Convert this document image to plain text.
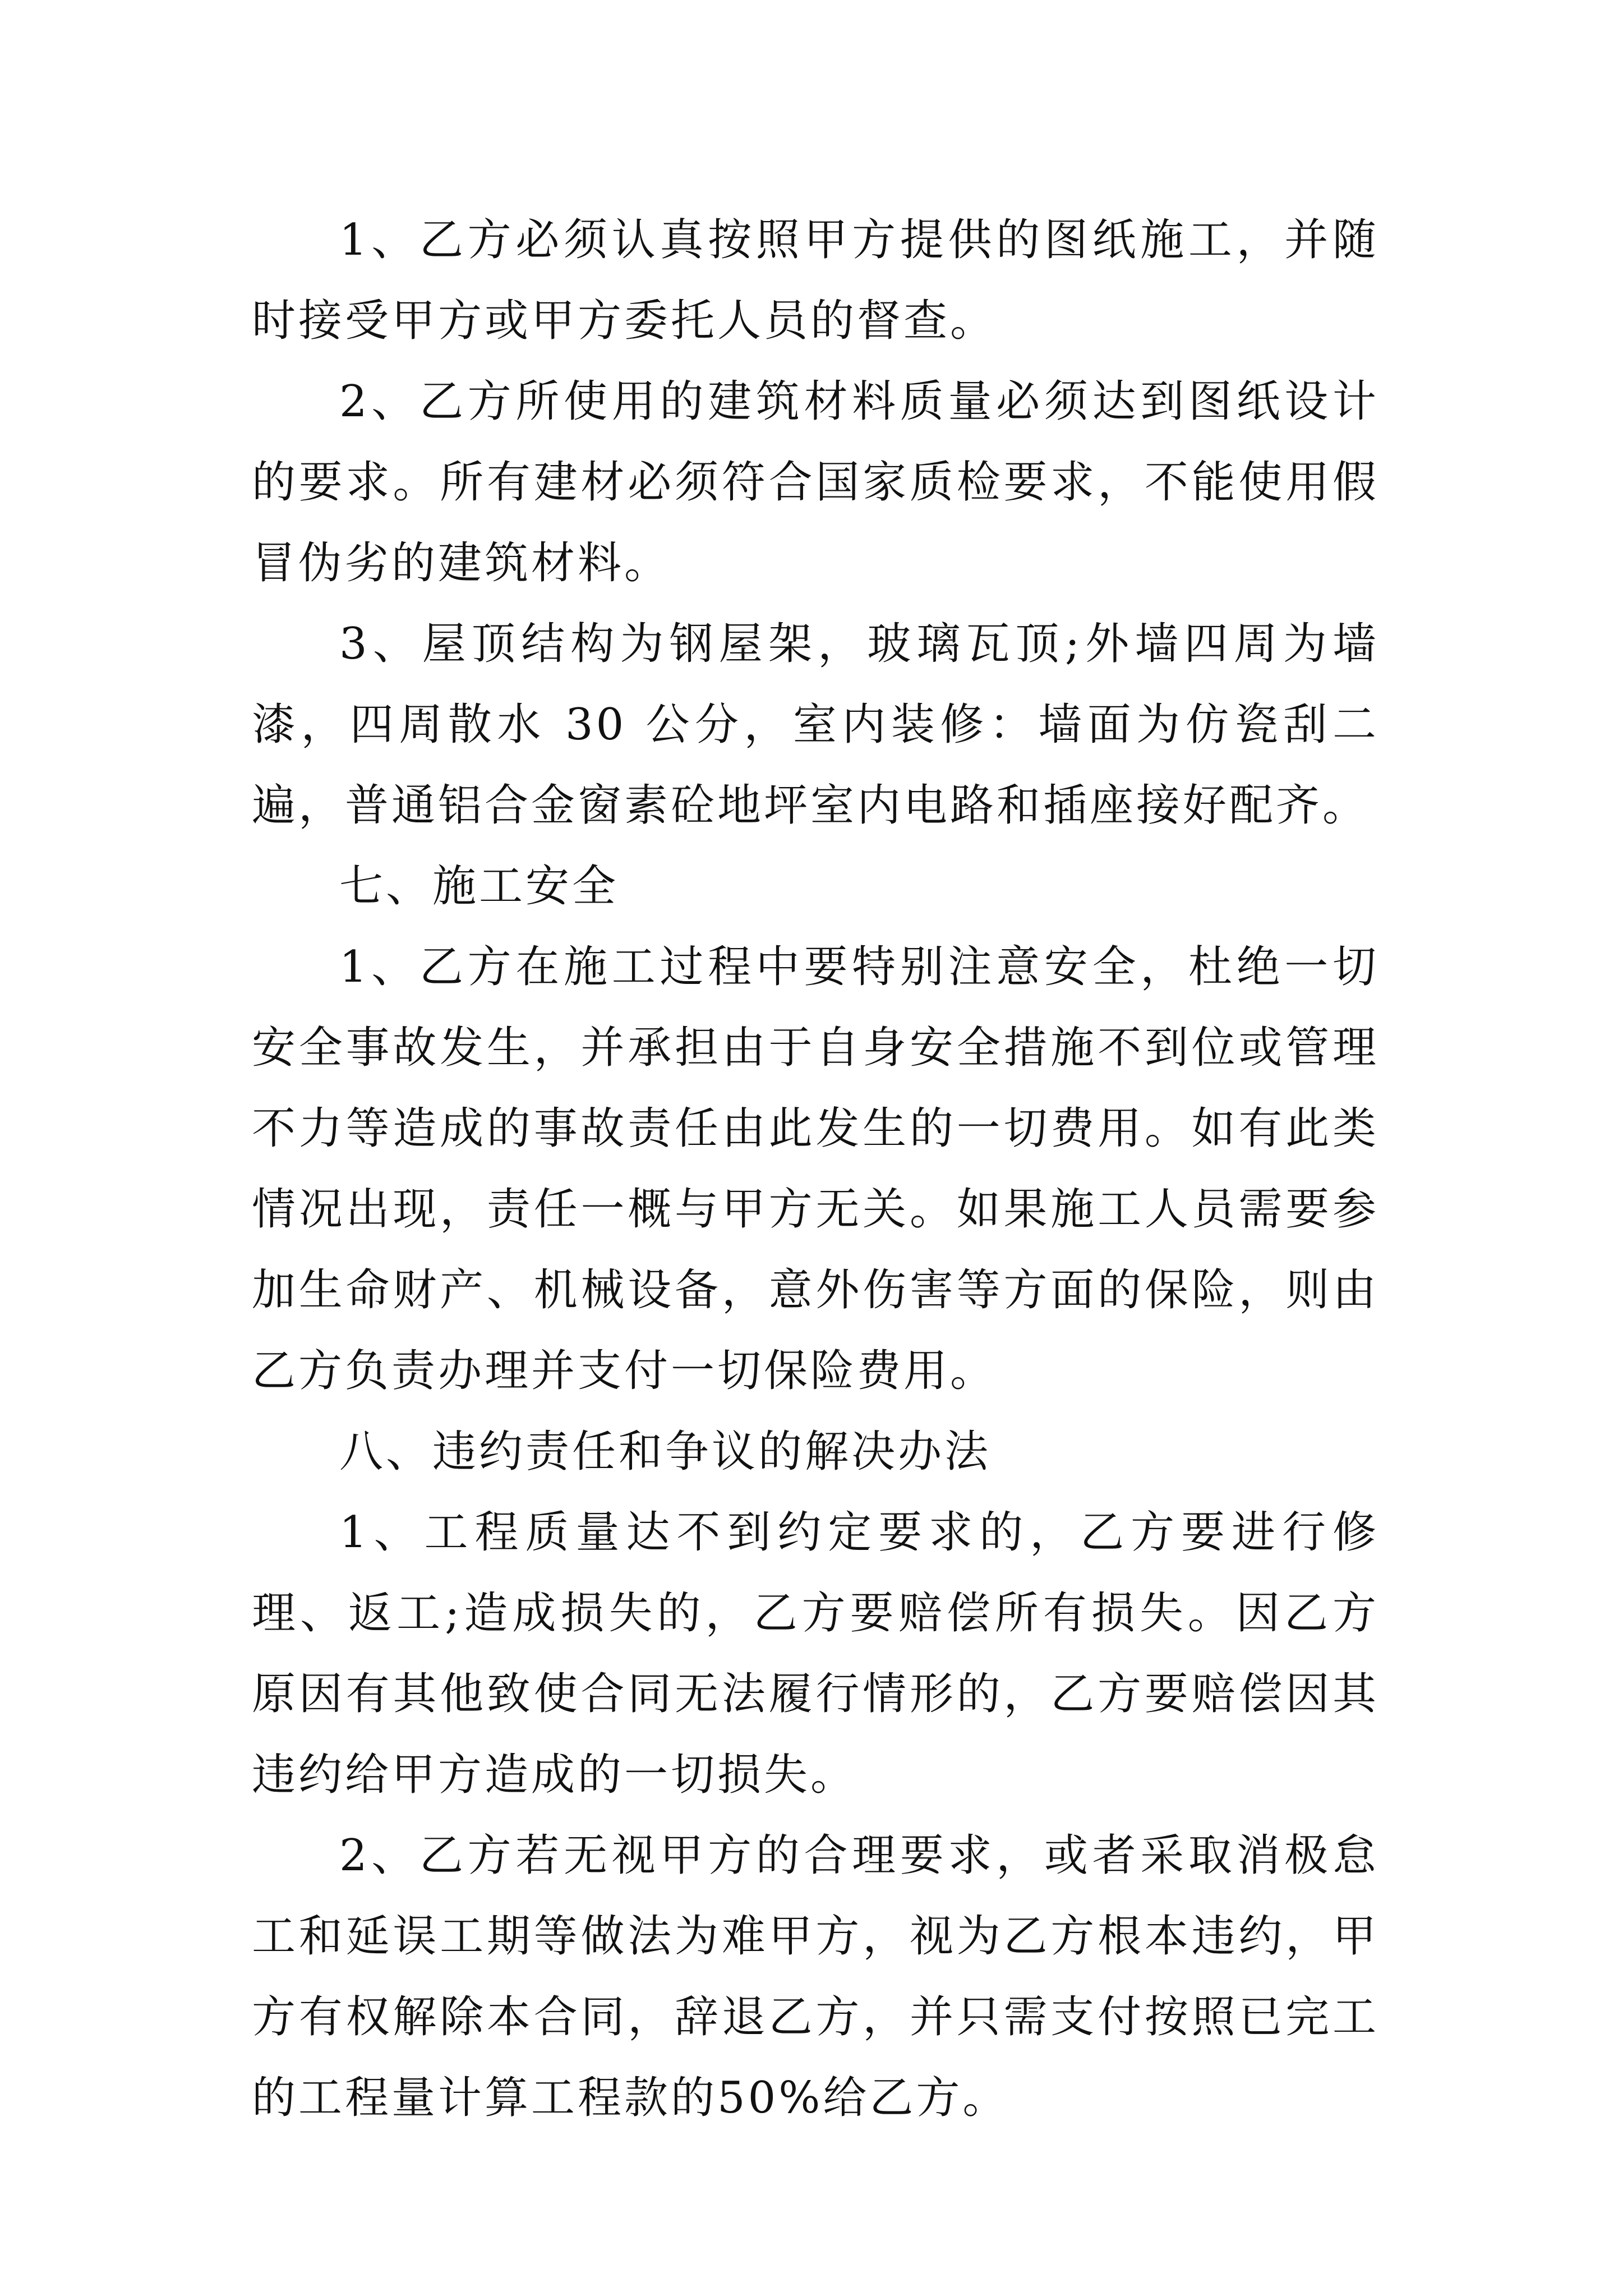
1、乙方必须认真按照甲方提供的图纸施工，并随时接受甲方或甲方委托人员的督查。

2、乙方所使用的建筑材料质量必须达到图纸设计的要求。所有建材必须符合国家质检要求，不能使用假冒伪劣的建筑材料。

3、屋顶结构为钢屋架，玻璃瓦顶;外墙四周为墙漆，四周散水 30 公分，室内装修：墙面为仿瓷刮二遍，普通铝合金窗素砼地坪室内电路和插座接好配齐。

七、施工安全

1、乙方在施工过程中要特别注意安全，杜绝一切安全事故发生，并承担由于自身安全措施不到位或管理不力等造成的事故责任由此发生的一切费用。如有此类情况出现，责任一概与甲方无关。如果施工人员需要参加生命财产、机械设备，意外伤害等方面的保险，则由乙方负责办理并支付一切保险费用。

八、违约责任和争议的解决办法

1、工程质量达不到约定要求的，乙方要进行修理、返工;造成损失的，乙方要赔偿所有损失。因乙方原因有其他致使合同无法履行情形的，乙方要赔偿因其违约给甲方造成的一切损失。

2、乙方若无视甲方的合理要求，或者采取消极怠工和延误工期等做法为难甲方，视为乙方根本违约，甲方有权解除本合同，辞退乙方，并只需支付按照已完工的工程量计算工程款的50%给乙方。
